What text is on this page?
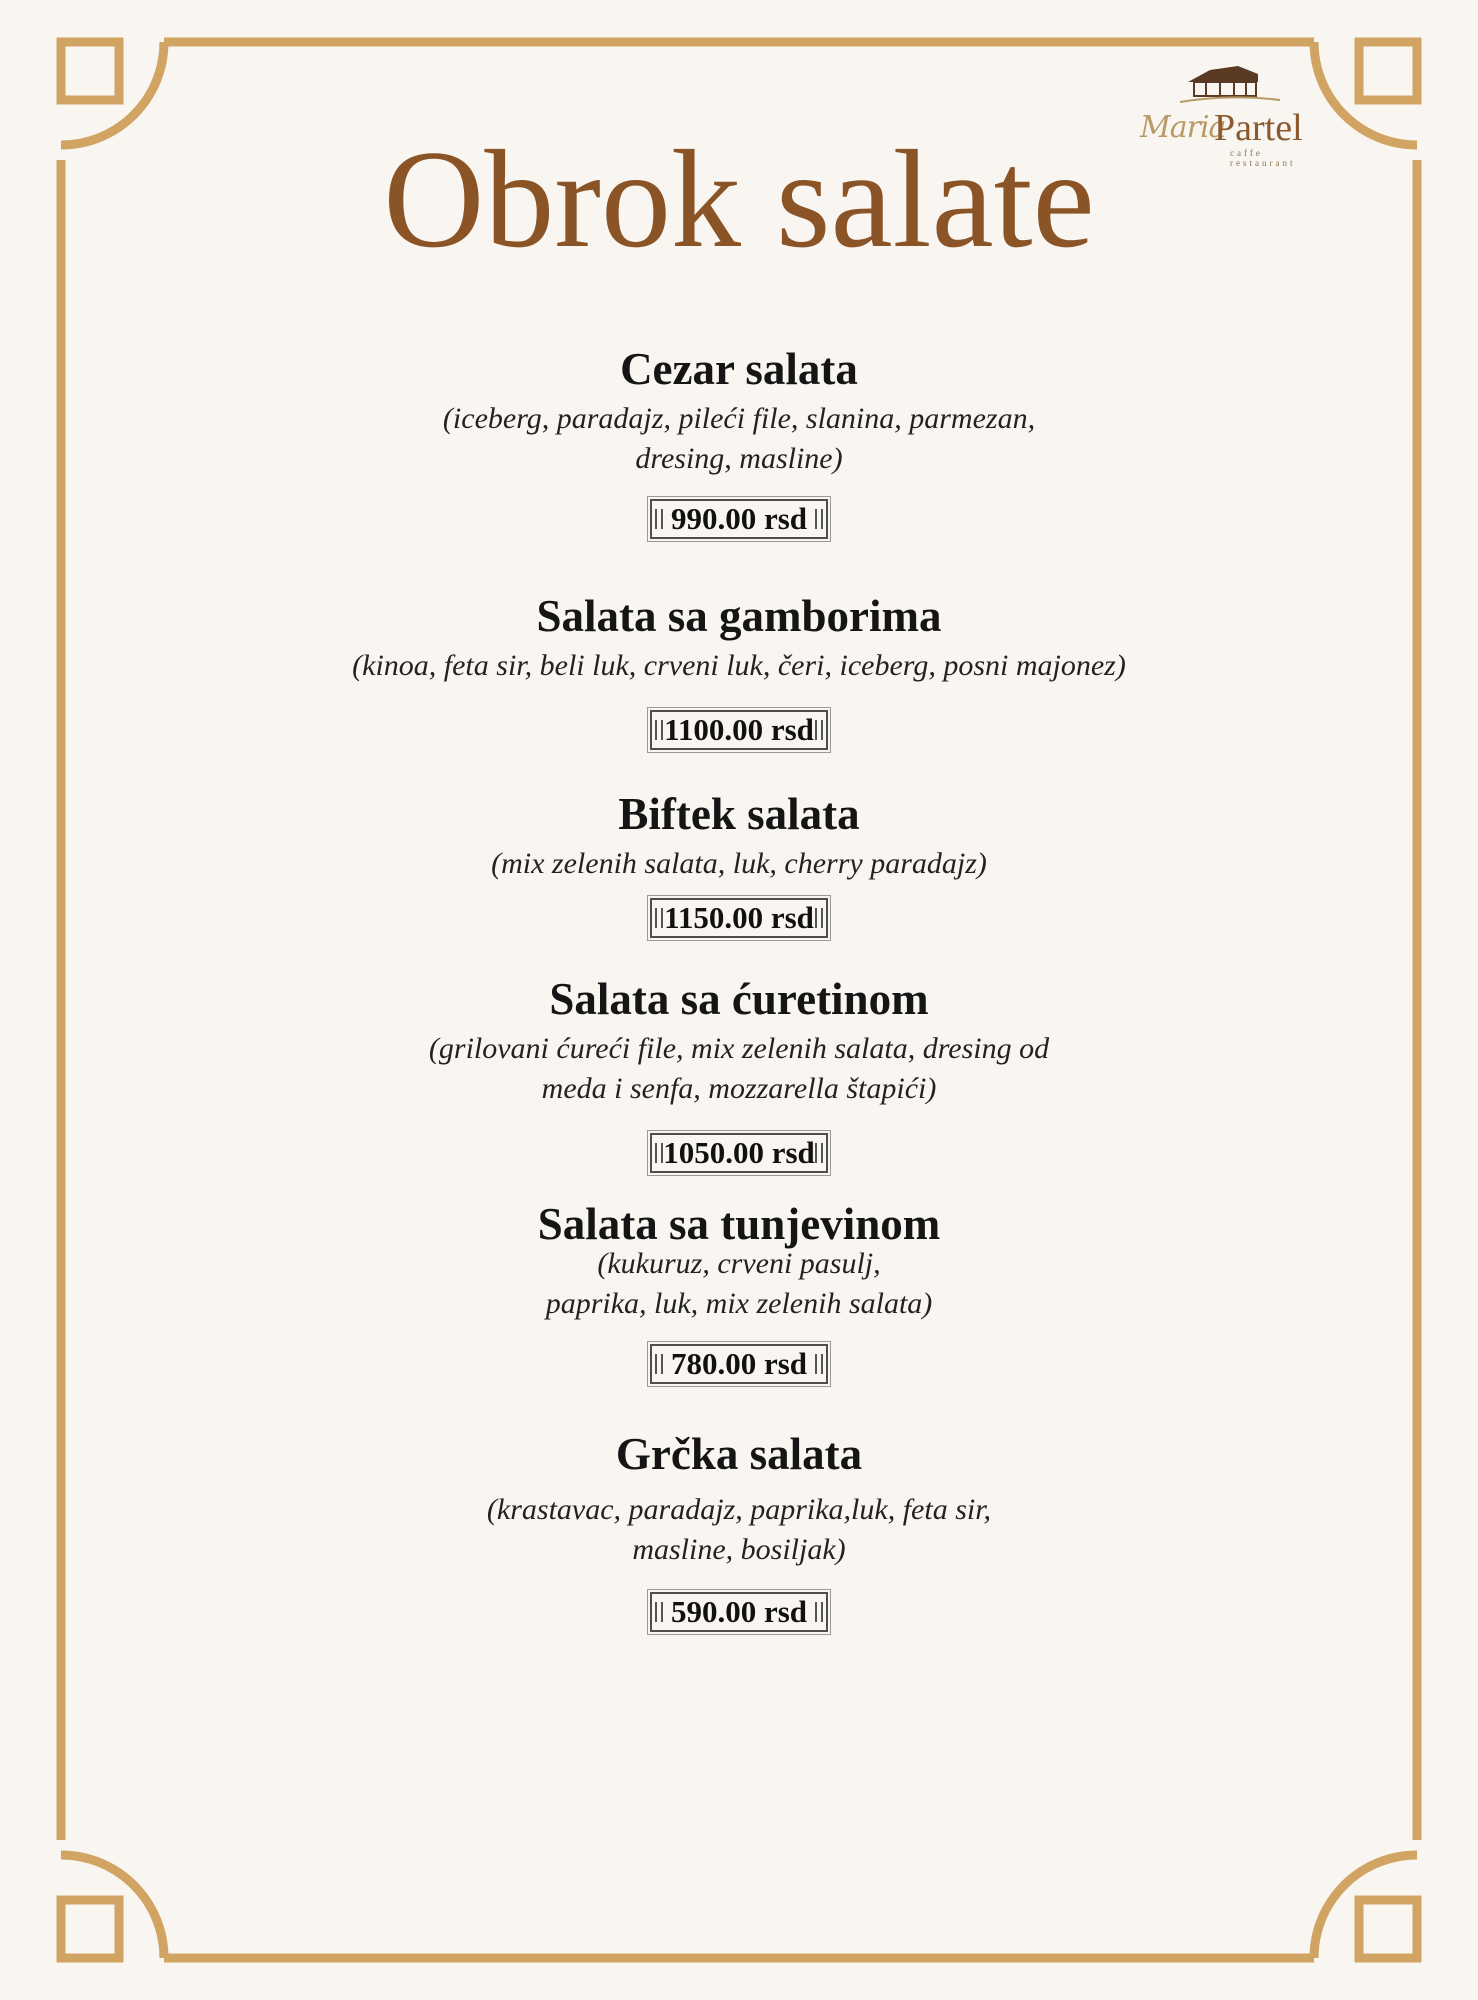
Maria
Partel
caffe restaurant
Obrok salate
Cezar salata
(iceberg, paradajz, pileći file, slanina, parmezan,
dresing, masline)
990.00 rsd
Salata sa gamborima
(kinoa, feta sir, beli luk, crveni luk, čeri, iceberg, posni majonez)
1100.00 rsd
Biftek salata
(mix zelenih salata, luk, cherry paradajz)
1150.00 rsd
Salata sa ćuretinom
(grilovani ćureći file, mix zelenih salata, dresing od
meda i senfa, mozzarella štapići)
1050.00 rsd
Salata sa tunjevinom
(kukuruz, crveni pasulj,
paprika, luk, mix zelenih salata)
780.00 rsd
Grčka salata
(krastavac, paradajz, paprika,luk, feta sir,
masline, bosiljak)
590.00 rsd
